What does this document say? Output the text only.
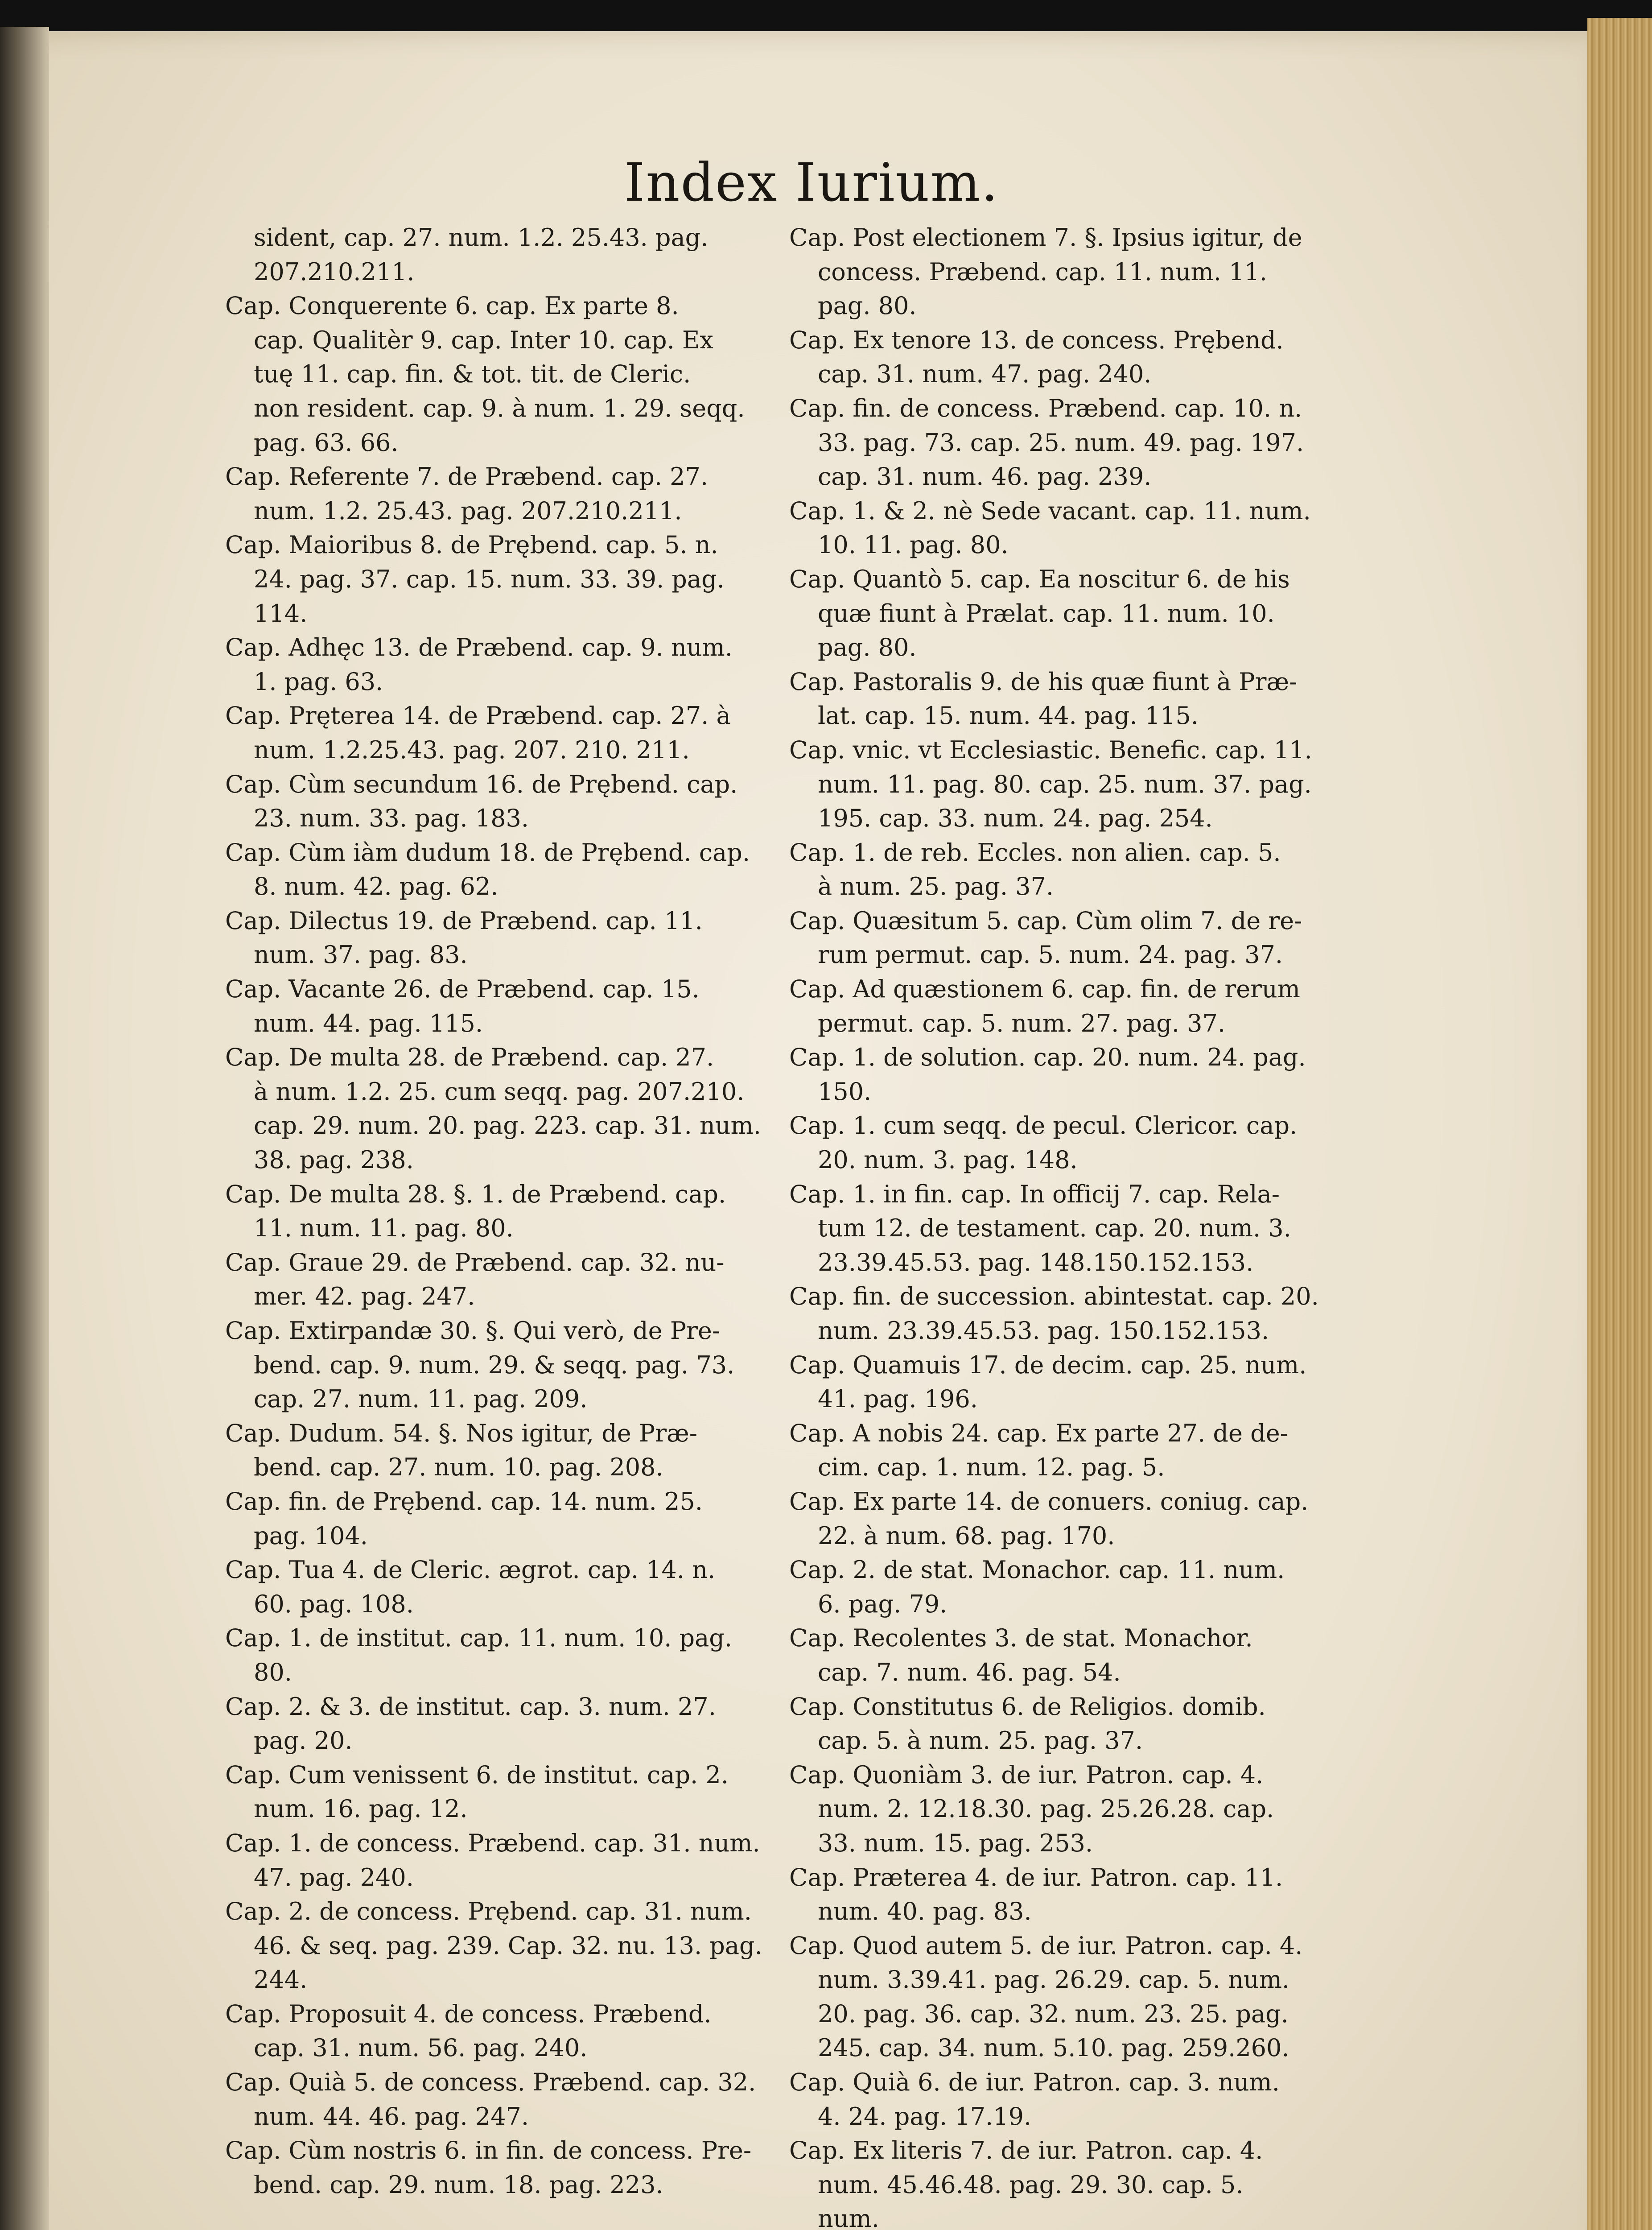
Index Iurium.
sident, cap. 27. num. 1.2. 25.43. pag.
207.210.211.
Cap. Conquerente 6. cap. Ex parte 8.
cap. Qualitèr 9. cap. Inter 10. cap. Ex
tuę 11. cap. fin. & tot. tit. de Cleric.
non resident. cap. 9. à num. 1. 29. seqq.
pag. 63. 66.
Cap. Referente 7. de Præbend. cap. 27.
num. 1.2. 25.43. pag. 207.210.211.
Cap. Maioribus 8. de Prębend. cap. 5. n.
24. pag. 37. cap. 15. num. 33. 39. pag.
114.
Cap. Adhęc 13. de Præbend. cap. 9. num.
1. pag. 63.
Cap. Pręterea 14. de Præbend. cap. 27. à
num. 1.2.25.43. pag. 207. 210. 211.
Cap. Cùm secundum 16. de Prębend. cap.
23. num. 33. pag. 183.
Cap. Cùm iàm dudum 18. de Prębend. cap.
8. num. 42. pag. 62.
Cap. Dilectus 19. de Præbend. cap. 11.
num. 37. pag. 83.
Cap. Vacante 26. de Præbend. cap. 15.
num. 44. pag. 115.
Cap. De multa 28. de Præbend. cap. 27.
à num. 1.2. 25. cum seqq. pag. 207.210.
cap. 29. num. 20. pag. 223. cap. 31. num.
38. pag. 238.
Cap. De multa 28. §. 1. de Præbend. cap.
11. num. 11. pag. 80.
Cap. Graue 29. de Præbend. cap. 32. nu-
mer. 42. pag. 247.
Cap. Extirpandæ 30. §. Qui verò, de Pre-
bend. cap. 9. num. 29. & seqq. pag. 73.
cap. 27. num. 11. pag. 209.
Cap. Dudum. 54. §. Nos igitur, de Præ-
bend. cap. 27. num. 10. pag. 208.
Cap. fin. de Prębend. cap. 14. num. 25.
pag. 104.
Cap. Tua 4. de Cleric. ægrot. cap. 14. n.
60. pag. 108.
Cap. 1. de institut. cap. 11. num. 10. pag.
80.
Cap. 2. & 3. de institut. cap. 3. num. 27.
pag. 20.
Cap. Cum venissent 6. de institut. cap. 2.
num. 16. pag. 12.
Cap. 1. de concess. Præbend. cap. 31. num.
47. pag. 240.
Cap. 2. de concess. Prębend. cap. 31. num.
46. & seq. pag. 239. Cap. 32. nu. 13. pag.
244.
Cap. Proposuit 4. de concess. Præbend.
cap. 31. num. 56. pag. 240.
Cap. Quià 5. de concess. Præbend. cap. 32.
num. 44. 46. pag. 247.
Cap. Cùm nostris 6. in fin. de concess. Pre-
bend. cap. 29. num. 18. pag. 223.
Cap. Post electionem 7. §. Ipsius igitur, de
concess. Præbend. cap. 11. num. 11.
pag. 80.
Cap. Ex tenore 13. de concess. Prębend.
cap. 31. num. 47. pag. 240.
Cap. fin. de concess. Præbend. cap. 10. n.
33. pag. 73. cap. 25. num. 49. pag. 197.
cap. 31. num. 46. pag. 239.
Cap. 1. & 2. nè Sede vacant. cap. 11. num.
10. 11. pag. 80.
Cap. Quantò 5. cap. Ea noscitur 6. de his
quæ fiunt à Prælat. cap. 11. num. 10.
pag. 80.
Cap. Pastoralis 9. de his quæ fiunt à Præ-
lat. cap. 15. num. 44. pag. 115.
Cap. vnic. vt Ecclesiastic. Benefic. cap. 11.
num. 11. pag. 80. cap. 25. num. 37. pag.
195. cap. 33. num. 24. pag. 254.
Cap. 1. de reb. Eccles. non alien. cap. 5.
à num. 25. pag. 37.
Cap. Quæsitum 5. cap. Cùm olim 7. de re-
rum permut. cap. 5. num. 24. pag. 37.
Cap. Ad quæstionem 6. cap. fin. de rerum
permut. cap. 5. num. 27. pag. 37.
Cap. 1. de solution. cap. 20. num. 24. pag.
150.
Cap. 1. cum seqq. de pecul. Clericor. cap.
20. num. 3. pag. 148.
Cap. 1. in fin. cap. In officij 7. cap. Rela-
tum 12. de testament. cap. 20. num. 3.
23.39.45.53. pag. 148.150.152.153.
Cap. fin. de succession. abintestat. cap. 20.
num. 23.39.45.53. pag. 150.152.153.
Cap. Quamuis 17. de decim. cap. 25. num.
41. pag. 196.
Cap. A nobis 24. cap. Ex parte 27. de de-
cim. cap. 1. num. 12. pag. 5.
Cap. Ex parte 14. de conuers. coniug. cap.
22. à num. 68. pag. 170.
Cap. 2. de stat. Monachor. cap. 11. num.
6. pag. 79.
Cap. Recolentes 3. de stat. Monachor.
cap. 7. num. 46. pag. 54.
Cap. Constitutus 6. de Religios. domib.
cap. 5. à num. 25. pag. 37.
Cap. Quoniàm 3. de iur. Patron. cap. 4.
num. 2. 12.18.30. pag. 25.26.28. cap.
33. num. 15. pag. 253.
Cap. Præterea 4. de iur. Patron. cap. 11.
num. 40. pag. 83.
Cap. Quod autem 5. de iur. Patron. cap. 4.
num. 3.39.41. pag. 26.29. cap. 5. num.
20. pag. 36. cap. 32. num. 23. 25. pag.
245. cap. 34. num. 5.10. pag. 259.260.
Cap. Quià 6. de iur. Patron. cap. 3. num.
4. 24. pag. 17.19.
Cap. Ex literis 7. de iur. Patron. cap. 4.
num. 45.46.48. pag. 29. 30. cap. 5.
num.
